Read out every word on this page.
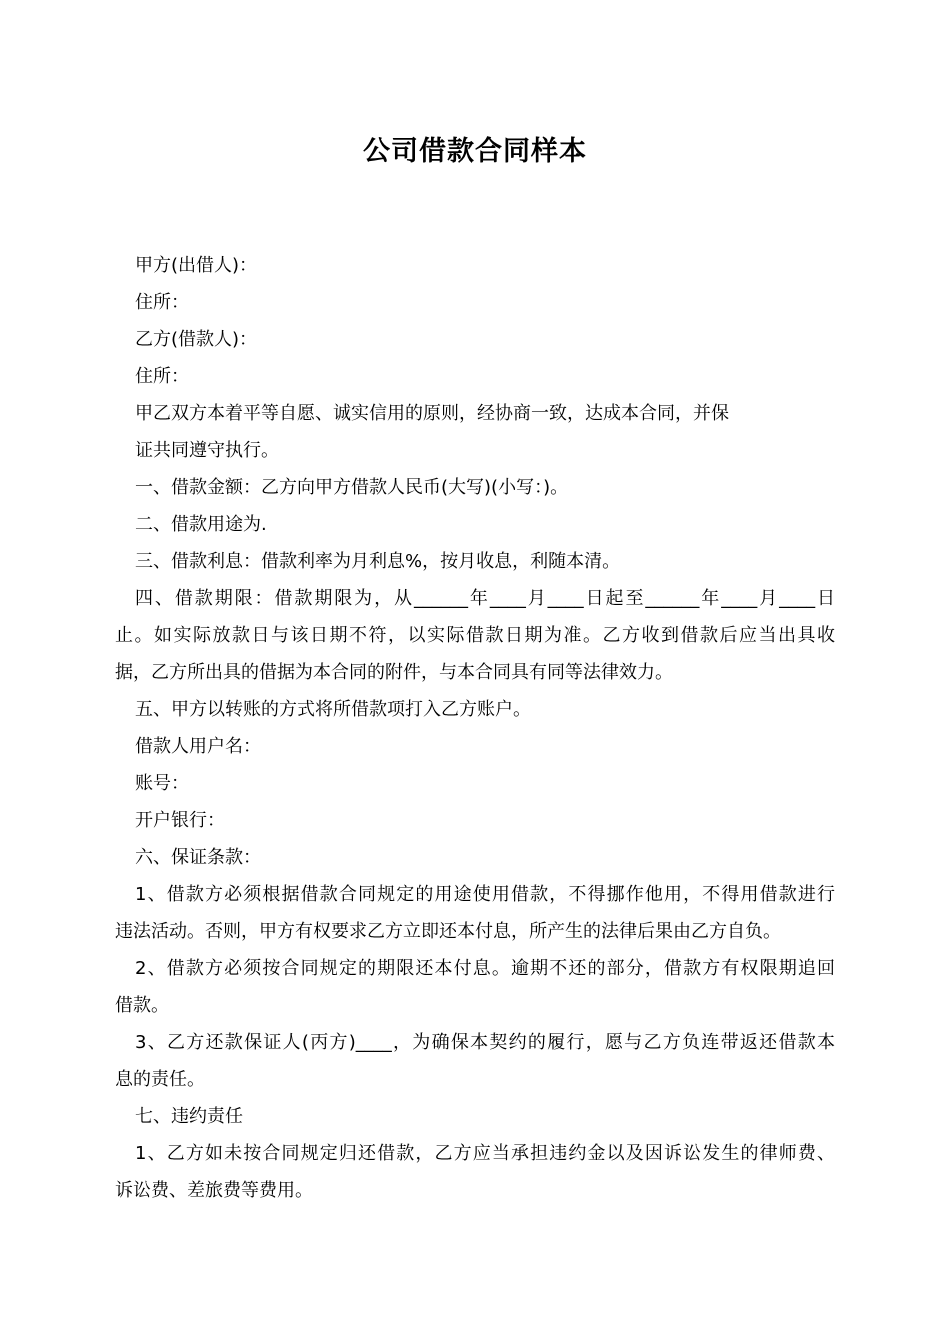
公司借款合同样本
甲方(出借人)：
住所：
乙方(借款人)：
住所：
甲乙双方本着平等自愿、诚实信用的原则，经协商一致，达成本合同，并保
证共同遵守执行。
一、借款金额：乙方向甲方借款人民币(大写)(小写：)。
二、借款用途为.
三、借款利息：借款利率为月利息%，按月收息，利随本清。
四、借款期限：借款期限为，从______年____月____日起至______年____月____日
止。如实际放款日与该日期不符，以实际借款日期为准。乙方收到借款后应当出具收
据，乙方所出具的借据为本合同的附件，与本合同具有同等法律效力。
五、甲方以转账的方式将所借款项打入乙方账户。
借款人用户名：
账号：
开户银行：
六、保证条款：
1、借款方必须根据借款合同规定的用途使用借款，不得挪作他用，不得用借款进行
违法活动。否则，甲方有权要求乙方立即还本付息，所产生的法律后果由乙方自负。
2、借款方必须按合同规定的期限还本付息。逾期不还的部分，借款方有权限期追回
借款。
3、乙方还款保证人(丙方)____，为确保本契约的履行，愿与乙方负连带返还借款本
息的责任。
七、违约责任
1、乙方如未按合同规定归还借款，乙方应当承担违约金以及因诉讼发生的律师费、
诉讼费、差旅费等费用。
